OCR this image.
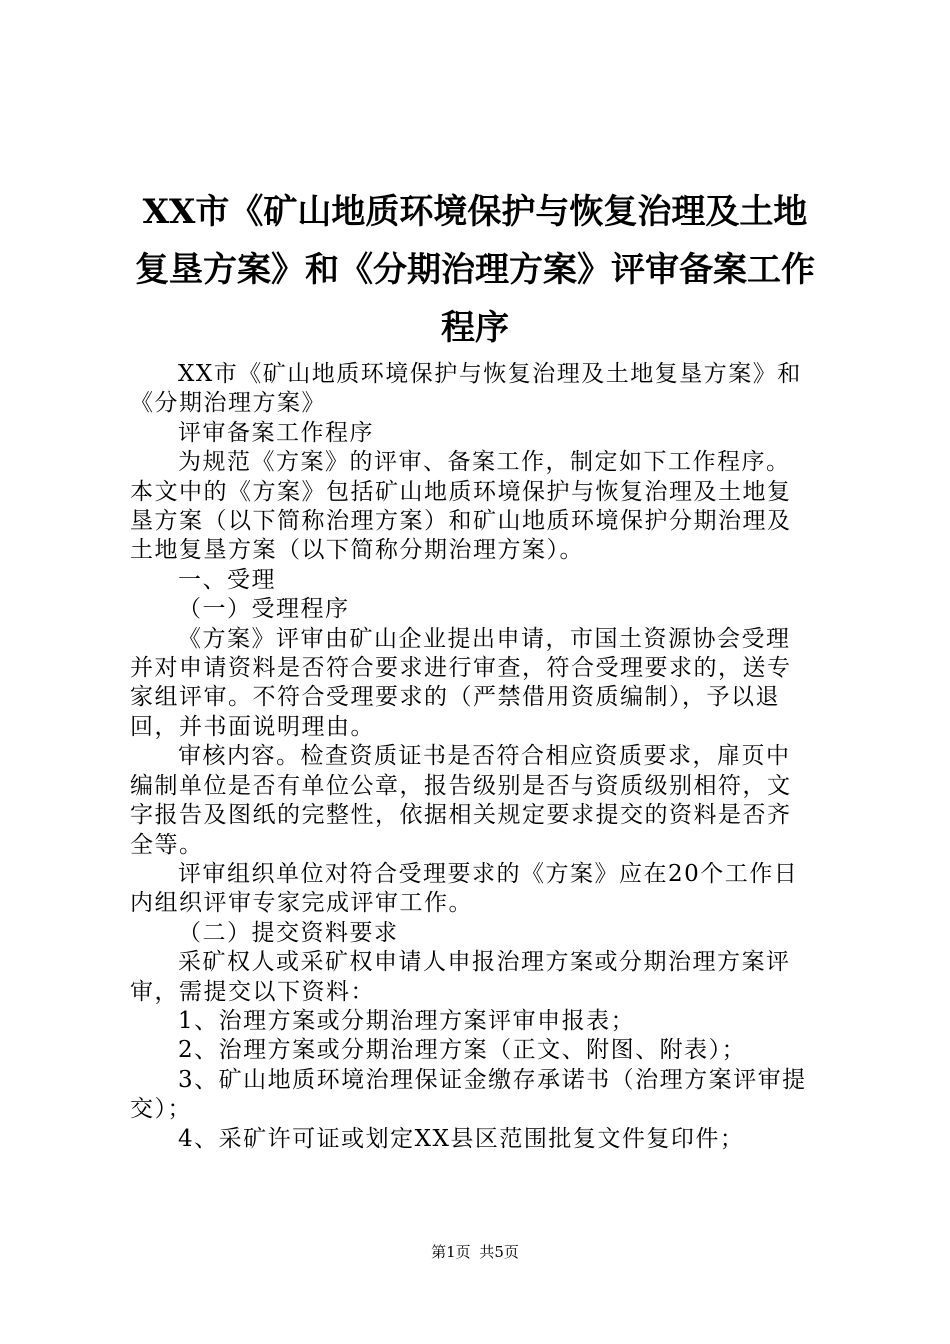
XX市《矿山地质环境保护与恢复治理及土地
复垦方案》和《分期治理方案》评审备案工作
程序
XX市《矿山地质环境保护与恢复治理及土地复垦方案》和
《分期治理方案》
评审备案工作程序
为规范《方案》的评审、备案工作，制定如下工作程序。
本文中的《方案》包括矿山地质环境保护与恢复治理及土地复
垦方案（以下简称治理方案）和矿山地质环境保护分期治理及
土地复垦方案（以下简称分期治理方案）。
一、受理
（一）受理程序
《方案》评审由矿山企业提出申请，市国土资源协会受理
并对申请资料是否符合要求进行审查，符合受理要求的，送专
家组评审。不符合受理要求的（严禁借用资质编制），予以退
回，并书面说明理由。
审核内容。检查资质证书是否符合相应资质要求，扉页中
编制单位是否有单位公章，报告级别是否与资质级别相符，文
字报告及图纸的完整性，依据相关规定要求提交的资料是否齐
全等。
评审组织单位对符合受理要求的《方案》应在20个工作日
内组织评审专家完成评审工作。
（二）提交资料要求
采矿权人或采矿权申请人申报治理方案或分期治理方案评
审，需提交以下资料：
1、治理方案或分期治理方案评审申报表；
2、治理方案或分期治理方案（正文、附图、附表）；
3、矿山地质环境治理保证金缴存承诺书（治理方案评审提
交）；
4、采矿许可证或划定XX县区范围批复文件复印件；
第1页 共5页
